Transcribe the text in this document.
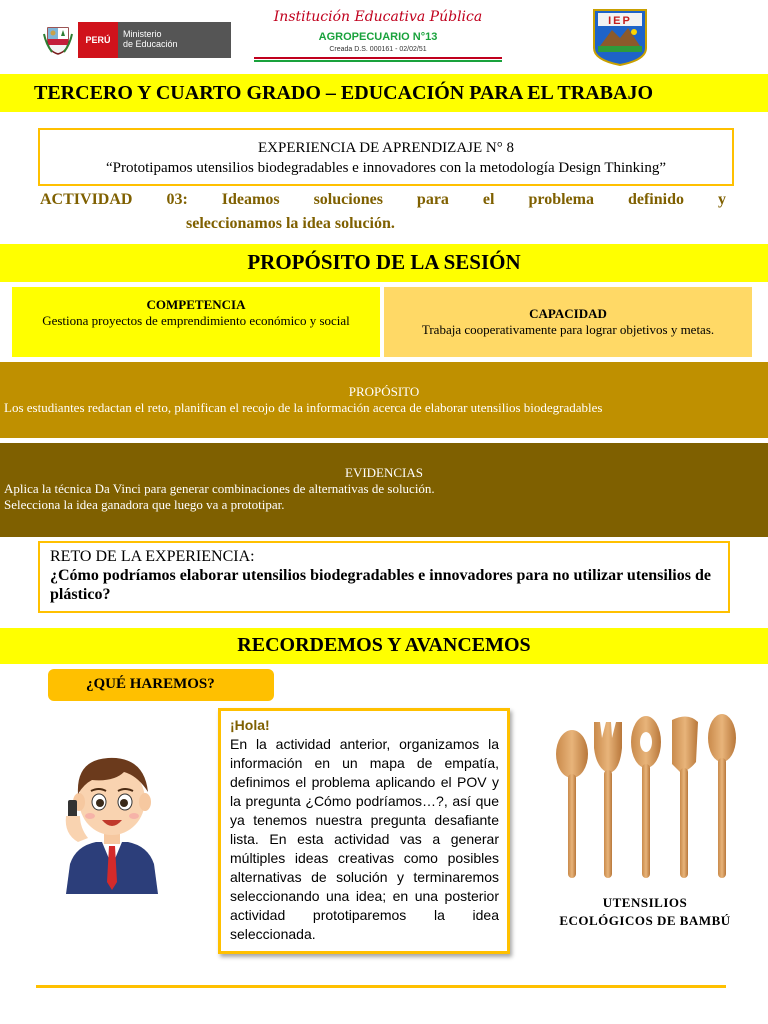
PERÚ
Ministerio
de Educación
Institución Educativa Pública
AGROPECUARIO N°13
Creada D.S. 000161 - 02/02/51
IEP
TERCERO Y CUARTO GRADO – EDUCACIÓN PARA EL TRABAJO
EXPERIENCIA DE APRENDIZAJE N° 8
“Prototipamos utensilios biodegradables e innovadores con la metodología Design Thinking”
ACTIVIDAD 03: Ideamos soluciones para el problema definido y
seleccionamos la idea solución.
PROPÓSITO DE LA SESIÓN
COMPETENCIA
Gestiona proyectos de emprendimiento económico y social	CAPACIDAD
Trabaja cooperativamente para lograr objetivos y metas.
PROPÓSITO
Los estudiantes redactan el reto, planifican el recojo de la información acerca de elaborar utensilios biodegradables
EVIDENCIAS
Aplica la técnica Da Vinci para generar combinaciones de alternativas de solución.
Selecciona la idea ganadora que luego va a prototipar.
RETO DE LA EXPERIENCIA:
¿Cómo podríamos elaborar utensilios biodegradables e innovadores para no utilizar utensilios de plástico?
RECORDEMOS Y AVANCEMOS
¿QUÉ HAREMOS?
¡Hola!
En la actividad anterior, organizamos la información en un mapa de empatía, definimos el problema aplicando el POV y la pregunta ¿Cómo podríamos…?, así que ya tenemos nuestra pregunta desafiante lista. En esta actividad vas a generar múltiples ideas creativas como posibles alternativas de solución y terminaremos seleccionando una idea; en una posterior actividad prototiparemos la idea seleccionada.
UTENSILIOS
ECOLÓGICOS DE BAMBÚ
